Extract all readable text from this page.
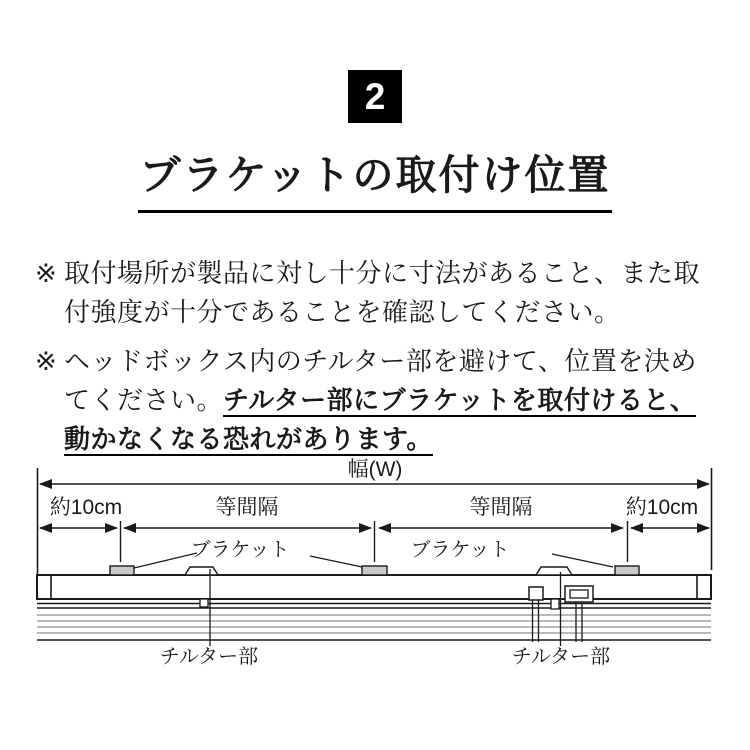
2
ブラケットの取付け位置
※ 取付場所が製品に対し十分に寸法があること、また取
付強度が十分であることを確認してください。
※ ヘッドボックス内のチルター部を避けて、位置を決め
てください。チルター部にブラケットを取付けると、
動かなくなる恐れがあります。
幅(W)
約10cm	等間隔	等間隔	約10cm
ブラケット	ブラケット
チルター部	チルター部
